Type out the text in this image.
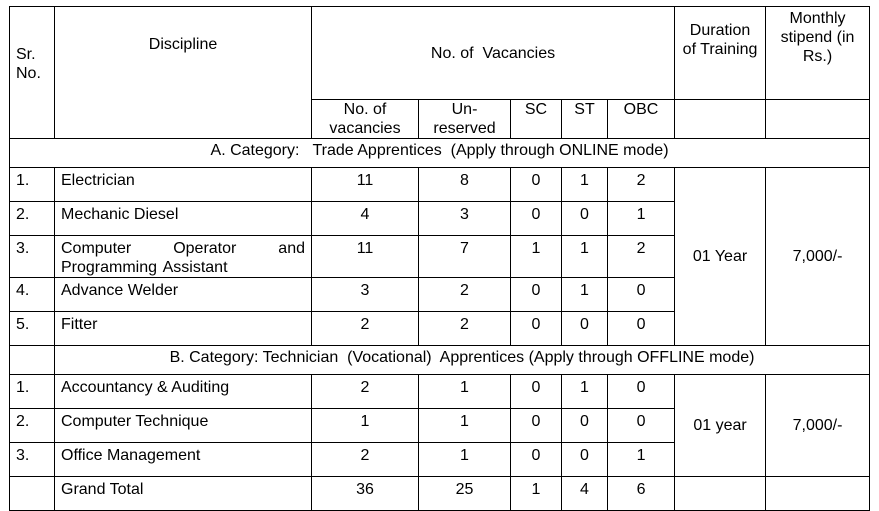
Sr. No.	Discipline	No. of  Vacancies					Duration of Training	Monthly stipend (in Rs.)
		No. of vacancies	Un-reserved	SC	ST	OBC		
A. Category:   Trade Apprentices  (Apply through ONLINE mode)								
1.	Electrician	11	8	0	1	2	01 Year	7,000/-
2.	Mechanic Diesel	4	3	0	0	1		
3.	Computer Operator and Programming Assistant	11	7	1	1	2		
4.	Advance Welder	3	2	0	1	0		
5.	Fitter	2	2	0	0	0		
	B. Category: Technician  (Vocational)  Apprentices (Apply through OFFLINE mode)							
1.	Accountancy & Auditing	2	1	0	1	0	01 year	7,000/-
2.	Computer Technique	1	1	0	0	0		
3.	Office Management	2	1	0	0	1		
	Grand Total	36	25	1	4	6		
